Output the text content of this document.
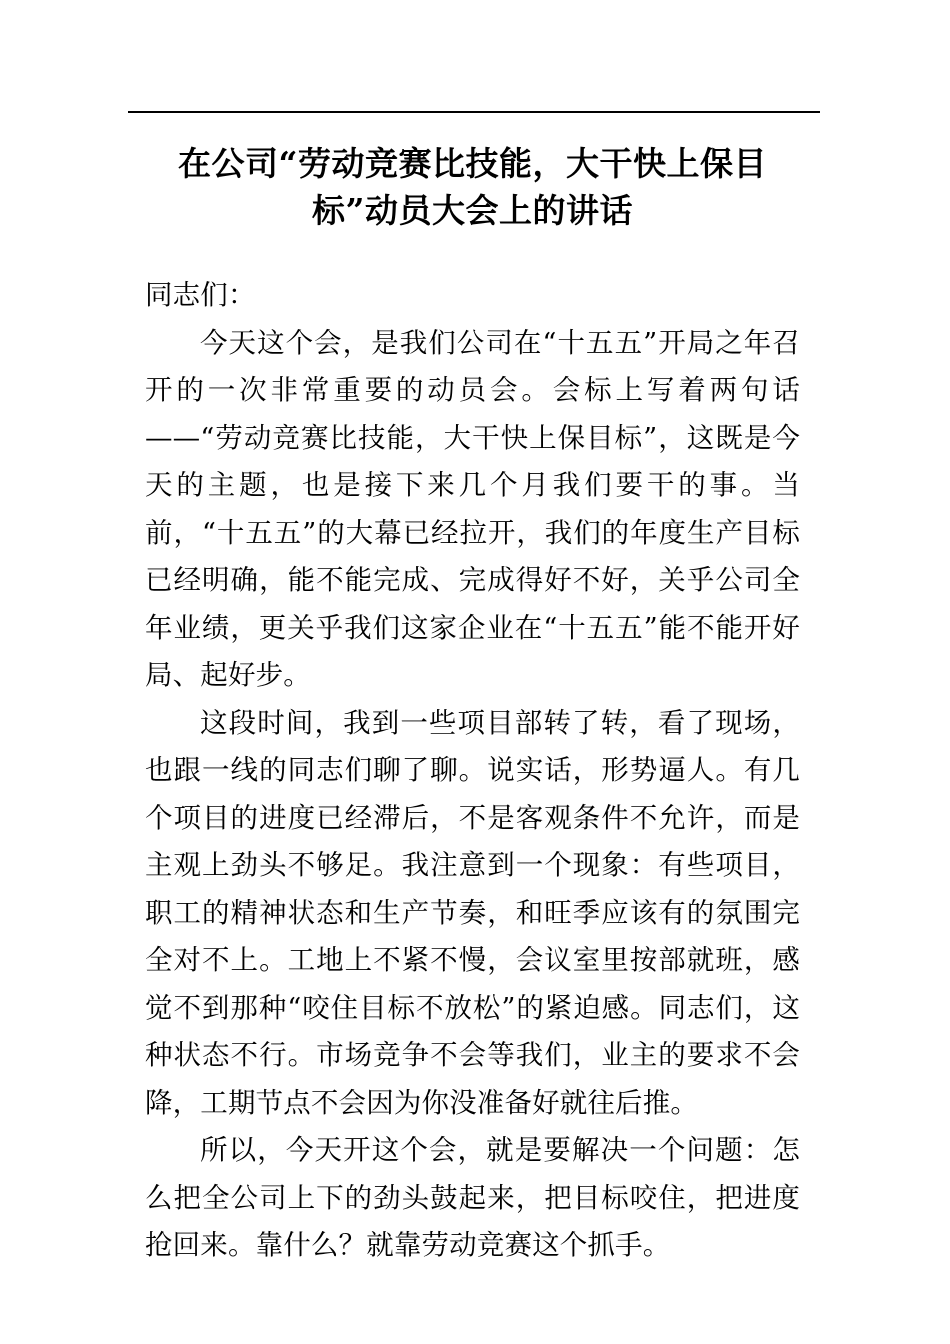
在公司“劳动竞赛比技能，大干快上保目标”动员大会上的讲话

同志们：

今天这个会，是我们公司在“十五五”开局之年召开的一次非常重要的动员会。会标上写着两句话——“劳动竞赛比技能，大干快上保目标”，这既是今天的主题，也是接下来几个月我们要干的事。当前，“十五五”的大幕已经拉开，我们的年度生产目标已经明确，能不能完成、完成得好不好，关乎公司全年业绩，更关乎我们这家企业在“十五五”能不能开好局、起好步。

这段时间，我到一些项目部转了转，看了现场，也跟一线的同志们聊了聊。说实话，形势逼人。有几个项目的进度已经滞后，不是客观条件不允许，而是主观上劲头不够足。我注意到一个现象：有些项目，职工的精神状态和生产节奏，和旺季应该有的氛围完全对不上。工地上不紧不慢，会议室里按部就班，感觉不到那种“咬住目标不放松”的紧迫感。同志们，这种状态不行。市场竞争不会等我们，业主的要求不会降，工期节点不会因为你没准备好就往后推。

所以，今天开这个会，就是要解决一个问题：怎么把全公司上下的劲头鼓起来，把目标咬住，把进度抢回来。靠什么？就靠劳动竞赛这个抓手。
